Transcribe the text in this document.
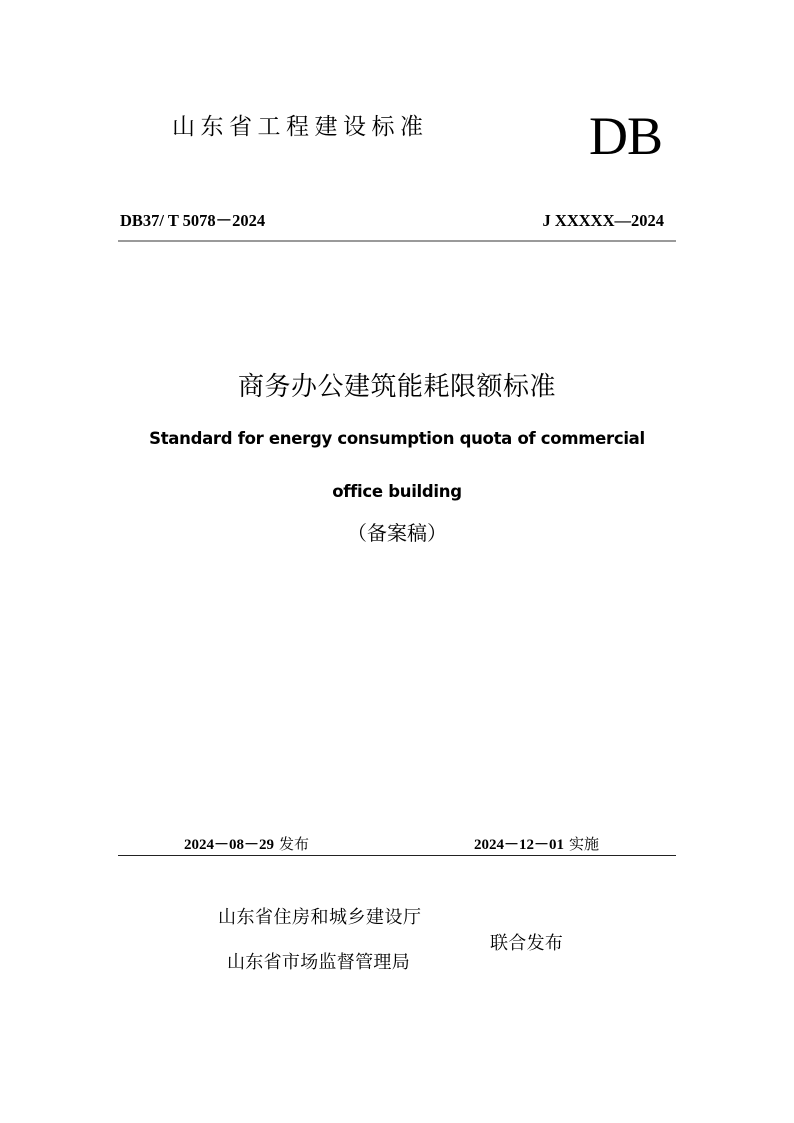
山东省工程建设标准	DB
DB37/ T 5078－2024	J XXXXX—2024
商务办公建筑能耗限额标准
Standard for energy consumption quota of commercial
office building
（备案稿）
2024－08－29 发布	2024－12－01 实施
山东省住房和城乡建设厅
山东省市场监督管理局
联合发布
